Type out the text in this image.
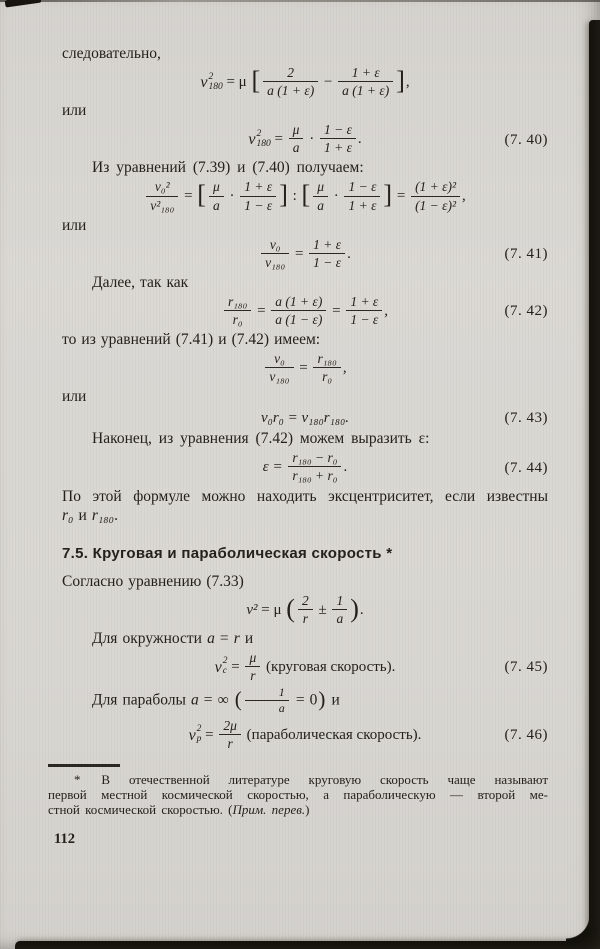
следовательно,

v 2
180 = μ [ $\frac{2}{a (1 + \varepsilon)} - \frac{1 + \varepsilon}{a (1 + \varepsilon)}$ ],

или

v 2
$180 = \frac{\mu}{a} \cdot \frac{1 - \varepsilon}{1 + \varepsilon}$ .	(7. 40)

Из уравнений (7.39) и (7.40) получаем:

$\frac{\text{v₀²}}{\text{v²₁₈₀}}$ = [ $\frac{\mu}{a} \cdot \frac{1 + \varepsilon}{1 - \varepsilon}$ ] : [ $\frac{\mu}{a} \cdot \frac{1 - \varepsilon}{1 + \varepsilon}$ ] = $\frac{\text{(1 + ε)²}}{\text{(1 − ε)²}}$ ,

или

$\frac{\text{v₀}}{\text{v₁₈₀}} = \frac{1 + \varepsilon}{1 - \varepsilon}$ .	(7. 41)

Далее, так как

$\frac{\text{r₁₈₀}}{\text{r₀}} = \frac{a (1 + \varepsilon)}{a (1 - \varepsilon)} = \frac{1 + \varepsilon}{1 - \varepsilon}$ ,	(7. 42)

то из уравнений (7.41) и (7.42) имеем:

$\frac{\text{v₀}}{\text{v₁₈₀}} = \frac{\text{r₁₈₀}}{\text{r₀}}$ ,

или

v₀r₀ = v₁₈₀r₁₈₀.	(7. 43)

Наконец, из уравнения (7.42) можем выразить ε:

$\varepsilon = \frac{\text{r₁₈₀ − r₀}}{\text{r₁₈₀ + r₀}}$ .	(7. 44)

По этой формуле можно находить эксцентриситет, если известны

r₀ и r₁₈₀.

7.5. Круговая и параболическая скорость *

Согласно уравнению (7.33)

v² = μ ( $\frac{2}{r} \pm \frac{1}{a}$ ).

Для окружности a = r и

v 2
$c = \frac{\mu}{r}$ (круговая скорость).	(7. 45)

Для параболы a = ∞ ( $\frac{1}{a} = 0$) и

v 2
$p = \frac{2\mu}{r}$ (параболическая скорость).	(7. 46)

* В отечественной литературе круговую скорость чаще называют

первой местной космической скоростью, а параболическую — второй ме-

стной космической скоростью. (Прим. перев.)

112
